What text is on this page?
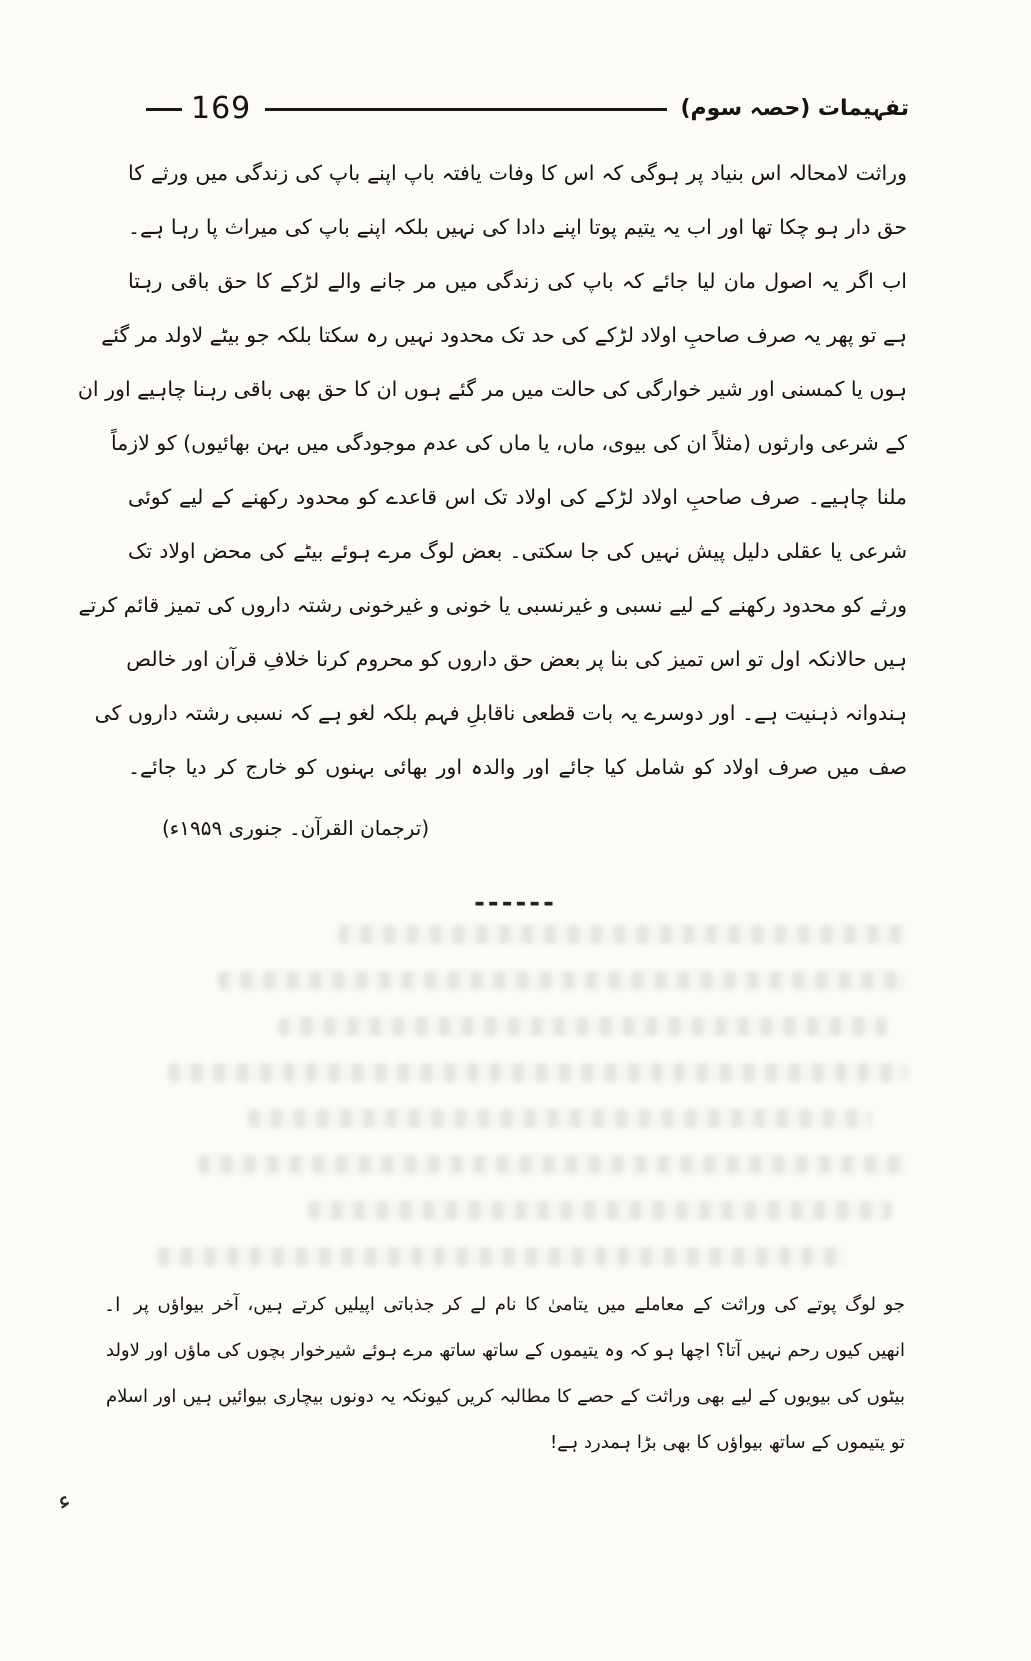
169	تفہیمات (حصہ سوم)
وراثت لامحالہ اس بنیاد پر ہوگی کہ اس کا وفات یافتہ باپ اپنے باپ کی زندگی میں ورثے کا
حق دار ہو چکا تھا اور اب یہ یتیم پوتا اپنے دادا کی نہیں بلکہ اپنے باپ کی میراث پا رہا ہے۔
اب اگر یہ اصول مان لیا جائے کہ باپ کی زندگی میں مر جانے والے لڑکے کا حق باقی رہتا
ہے تو پھر یہ صرف صاحبِ اولاد لڑکے کی حد تک محدود نہیں رہ سکتا بلکہ جو بیٹے لاولد مر گئے
ہوں یا کمسنی اور شیر خوارگی کی حالت میں مر گئے ہوں ان کا حق بھی باقی رہنا چاہیے اور ان
کے شرعی وارثوں (مثلاً ان کی بیوی، ماں، یا ماں کی عدم موجودگی میں بہن بھائیوں) کو لازماً
ملنا چاہیے۔ صرف صاحبِ اولاد لڑکے کی اولاد تک اس قاعدے کو محدود رکھنے کے لیے کوئی
شرعی یا عقلی دلیل پیش نہیں کی جا سکتی۔ بعض لوگ مرے ہوئے بیٹے کی محض اولاد تک
ورثے کو محدود رکھنے کے لیے نسبی و غیرنسبی یا خونی و غیرخونی رشتہ داروں کی تمیز قائم کرتے
ہیں حالانکہ اول تو اس تمیز کی بنا پر بعض حق داروں کو محروم کرنا خلافِ قرآن اور خالص
ہندوانہ ذہنیت ہے۔ اور دوسرے یہ بات قطعی ناقابلِ فہم بلکہ لغو ہے کہ نسبی رشتہ داروں کی
صف میں صرف اولاد کو شامل کیا جائے اور والدہ اور بھائی بہنوں کو خارج کر دیا جائے۔
(ترجمان القرآن۔ جنوری ۱۹۵۹ء)
------
ا۔ جو لوگ پوتے کی وراثت کے معاملے میں یتامیٰ کا نام لے کر جذباتی اپیلیں کرتے ہیں، آخر بیواؤں پر
انھیں کیوں رحم نہیں آتا؟ اچھا ہو کہ وہ یتیموں کے ساتھ ساتھ مرے ہوئے شیرخوار بچوں کی ماؤں اور لاولد
بیٹوں کی بیویوں کے لیے بھی وراثت کے حصے کا مطالبہ کریں کیونکہ یہ دونوں بیچاری بیوائیں ہیں اور اسلام
تو یتیموں کے ساتھ بیواؤں کا بھی بڑا ہمدرد ہے!
ء
